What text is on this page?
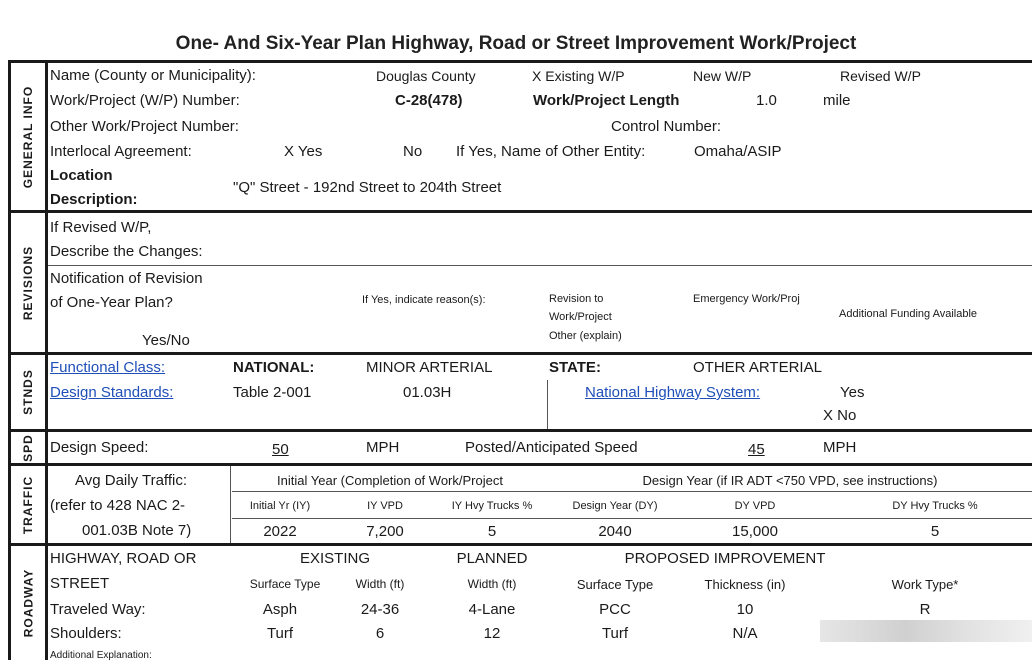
One- And Six-Year Plan Highway, Road or Street Improvement Work/Project
GENERAL INFO
REVISIONS
STNDS
SPD
TRAFFIC
ROADWAY
Name (County or Municipality):	Douglas County	X Existing W/P	New W/P	Revised W/P
Work/Project (W/P) Number:	C-28(478)	Work/Project Length	1.0	mile
Other Work/Project Number:	Control Number:
Interlocal Agreement:	X Yes	No If Yes, Name of Other Entity:	Omaha/ASIP
Location
Description:
"Q" Street - 192nd Street to 204th Street
If Revised W/P,
Describe the Changes:
Notification of Revision
of One-Year Plan?
Yes/No
If Yes, indicate reason(s):	Revision to
Work/Project
Other (explain)
Emergency Work/Proj
Additional Funding Available
Functional Class:	NATIONAL:	MINOR ARTERIAL	STATE:	OTHER ARTERIAL
Design Standards:	Table 2-001	01.03H	National Highway System:	Yes
X No
Design Speed:	50	MPH	Posted/Anticipated Speed	45	MPH
Avg Daily Traffic:
(refer to 428 NAC 2-
001.03B Note 7)
Initial Year (Completion of Work/Project	Design Year (if IR ADT <750 VPD, see instructions)
Initial Yr (IY)	IY VPD	IY Hvy Trucks %	Design Year (DY)	DY VPD	DY Hvy Trucks %
2022	7,200	5	2040	15,000	5
HIGHWAY, ROAD OR
STREET
EXISTING	PLANNED	PROPOSED IMPROVEMENT
Surface Type	Width (ft)	Width (ft)	Surface Type	Thickness (in)	Work Type*
Traveled Way:	Asph	24-36	4-Lane	PCC	10	R
Shoulders:	Turf	6	12	Turf	N/A
Additional Explanation:
